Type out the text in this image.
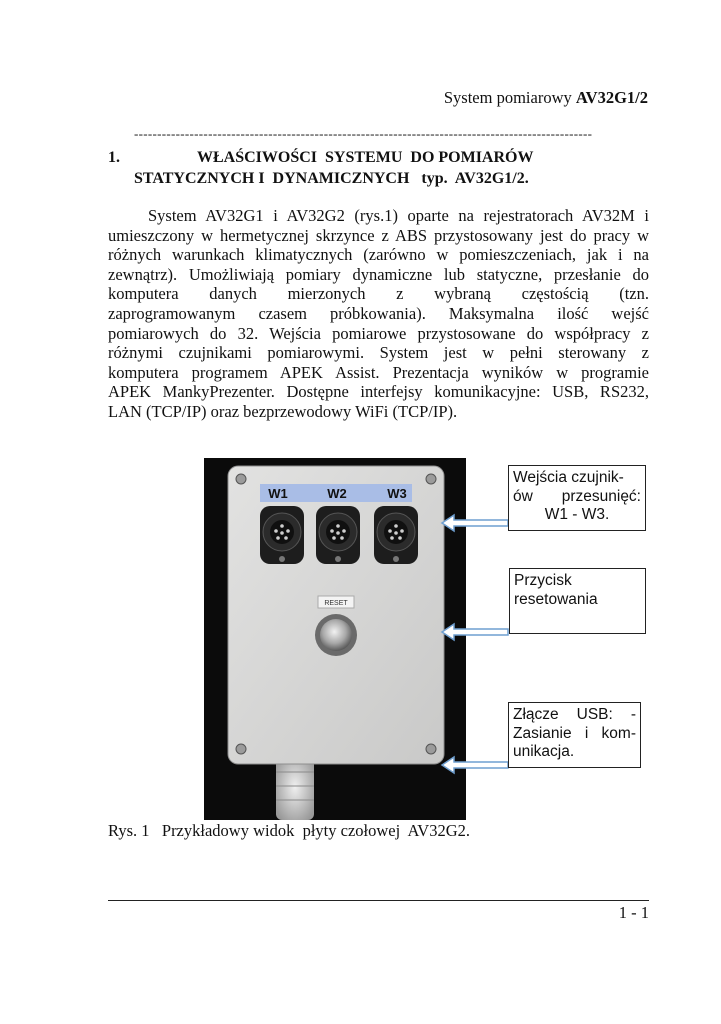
System pomiarowy AV32G1/2
---------------------------------------------------------------------------------------------------
1.	WŁAŚCIWOŚCI  SYSTEMU  DO POMIARÓW
STATYCZNYCH I  DYNAMICZNYCH   typ.  AV32G1/2.
System AV32G1 i AV32G2 (rys.1) oparte na rejestratorach AV32M i
umieszczony w hermetycznej skrzynce z ABS przystosowany jest do pracy w
różnych warunkach klimatycznych (zarówno w pomieszczeniach, jak i na
zewnątrz). Umożliwiają pomiary dynamiczne lub statyczne, przesłanie do
komputera danych mierzonych z wybraną częstością (tzn.
zaprogramowanym czasem próbkowania). Maksymalna ilość wejść
pomiarowych do 32. Wejścia pomiarowe przystosowane do współpracy z
różnymi czujnikami pomiarowymi. System jest w pełni sterowany z
komputera programem APEK Assist. Prezentacja wyników w programie
APEK MankyPrezenter. Dostępne interfejsy komunikacyjne: USB, RS232,
LAN (TCP/IP) oraz bezprzewodowy WiFi (TCP/IP).
W1	W2	W3
RESET
Wejścia czujnik-
ów przesunięć:
W1 - W3.
Przycisk
resetowania
Złącze USB: -
Zasianie i kom-
unikacja.
Rys. 1   Przykładowy widok  płyty czołowej  AV32G2.
1 - 1
